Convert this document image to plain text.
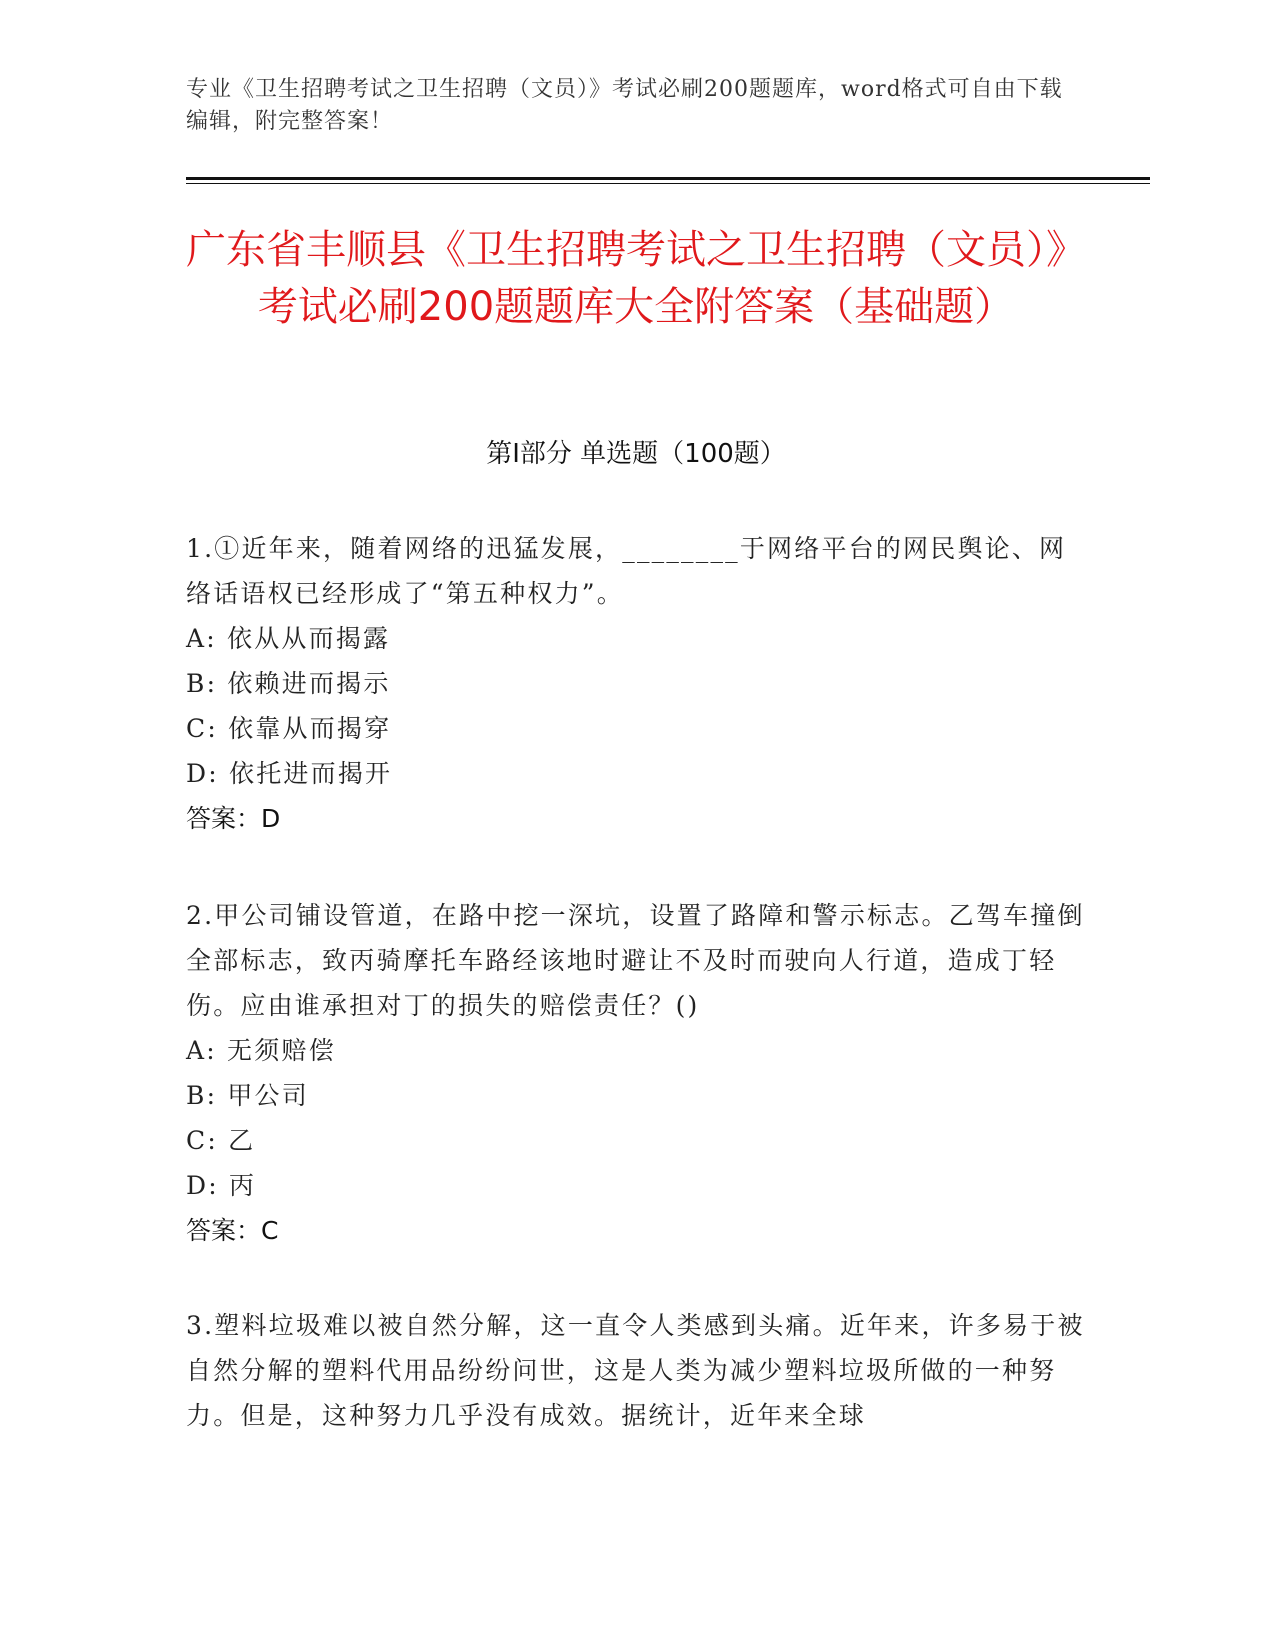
专业《卫生招聘考试之卫生招聘（文员）》考试必刷200题题库，word格式可自由下载编辑，附完整答案！
广东省丰顺县《卫生招聘考试之卫生招聘（文员）》考试必刷200题题库大全附答案（基础题）
第Ⅰ部分 单选题（100题）
1.①近年来，随着网络的迅猛发展，________于网络平台的网民舆论、网络话语权已经形成了“第五种权力”。
A: 依从从而揭露
B: 依赖进而揭示
C: 依靠从而揭穿
D: 依托进而揭开
答案：D
2.甲公司铺设管道，在路中挖一深坑，设置了路障和警示标志。乙驾车撞倒全部标志，致丙骑摩托车路经该地时避让不及时而驶向人行道，造成丁轻伤。应由谁承担对丁的损失的赔偿责任？()
A: 无须赔偿
B: 甲公司
C: 乙
D: 丙
答案：C
3.塑料垃圾难以被自然分解，这一直令人类感到头痛。近年来，许多易于被自然分解的塑料代用品纷纷问世，这是人类为减少塑料垃圾所做的一种努力。但是，这种努力几乎没有成效。据统计，近年来全球
